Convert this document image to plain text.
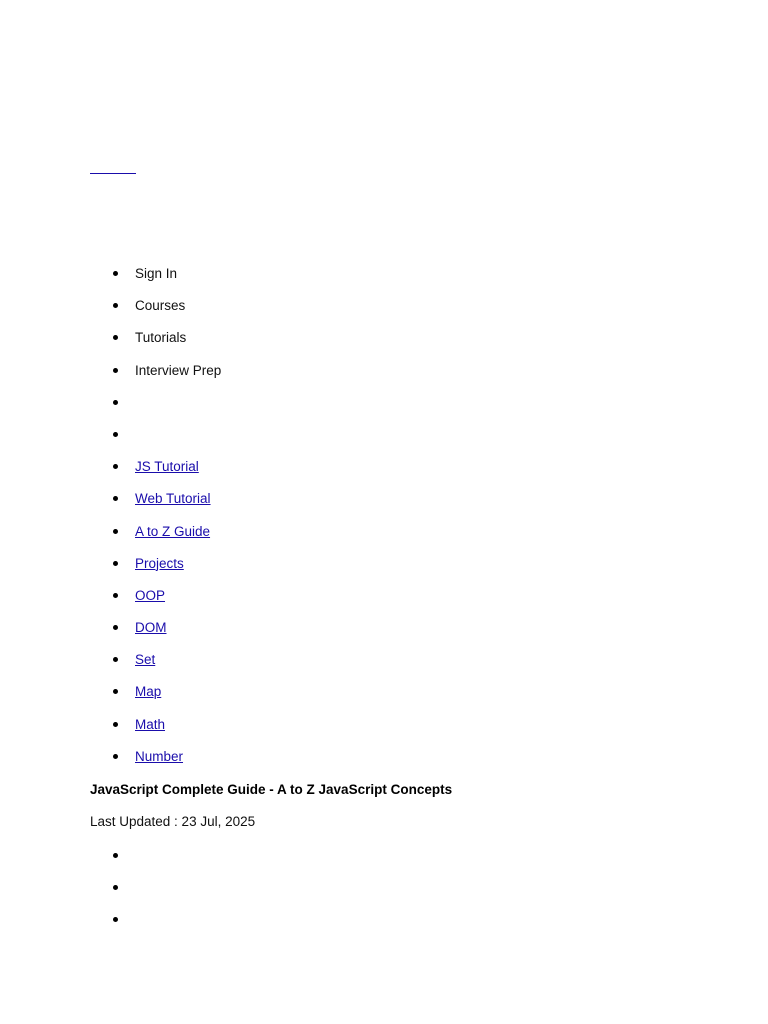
Sign In
Courses
Tutorials
Interview Prep
JS Tutorial
Web Tutorial
A to Z Guide
Projects
OOP
DOM
Set
Map
Math
Number
JavaScript Complete Guide - A to Z JavaScript Concepts

Last Updated : 23 Jul, 2025
